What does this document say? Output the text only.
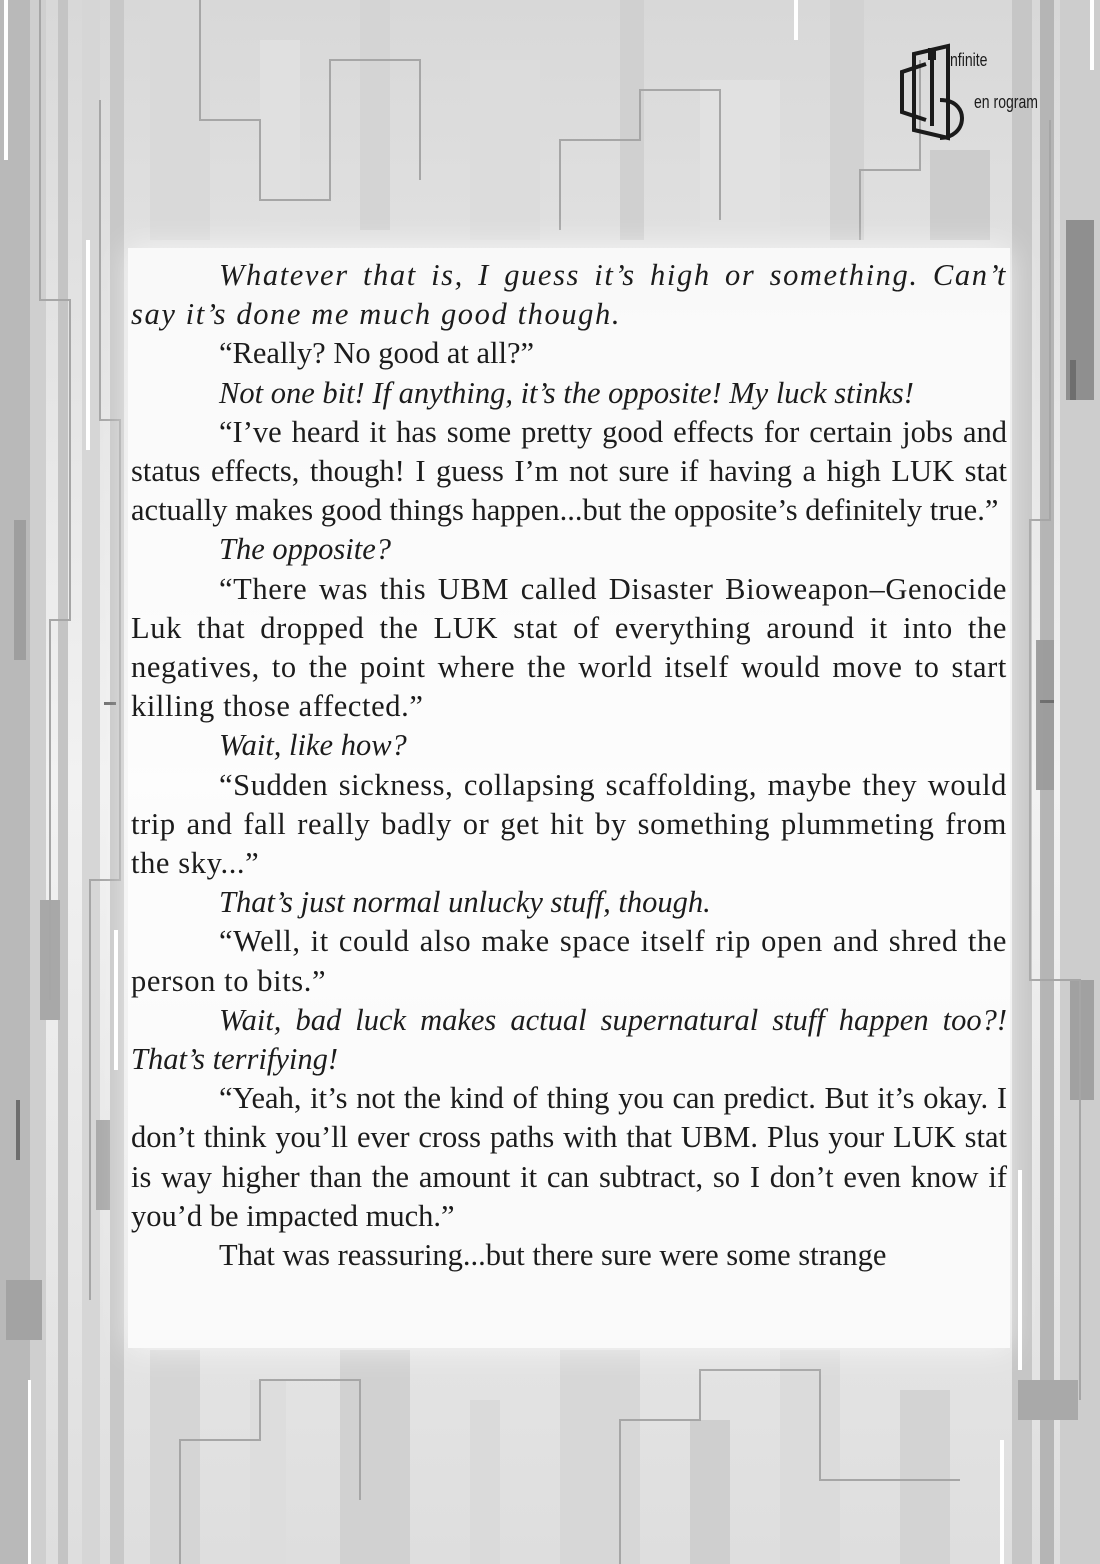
nfinite
en rogram

Whatever that is, I guess it’s high or something. Can’t say it’s done me much good though.

“Really? No good at all?”

Not one bit! If anything, it’s the opposite! My luck stinks!

“I’ve heard it has some pretty good effects for certain jobs and status effects, though! I guess I’m not sure if having a high LUK stat actually makes good things happen...but the opposite’s definitely true.”

The opposite?

“There was this UBM called Disaster Bioweapon–Genocide Luk that dropped the LUK stat of everything around it into the negatives, to the point where the world itself would move to start killing those affected.”

Wait, like how?

“Sudden sickness, collapsing scaffolding, maybe they would trip and fall really badly or get hit by something plummeting from the sky...”

That’s just normal unlucky stuff, though.

“Well, it could also make space itself rip open and shred the person to bits.”

Wait, bad luck makes actual supernatural stuff happen too?! That’s terrifying!

“Yeah, it’s not the kind of thing you can predict. But it’s okay. I don’t think you’ll ever cross paths with that UBM. Plus your LUK stat is way higher than the amount it can subtract, so I don’t even know if you’d be impacted much.”

That was reassuring...but there sure were some strange
